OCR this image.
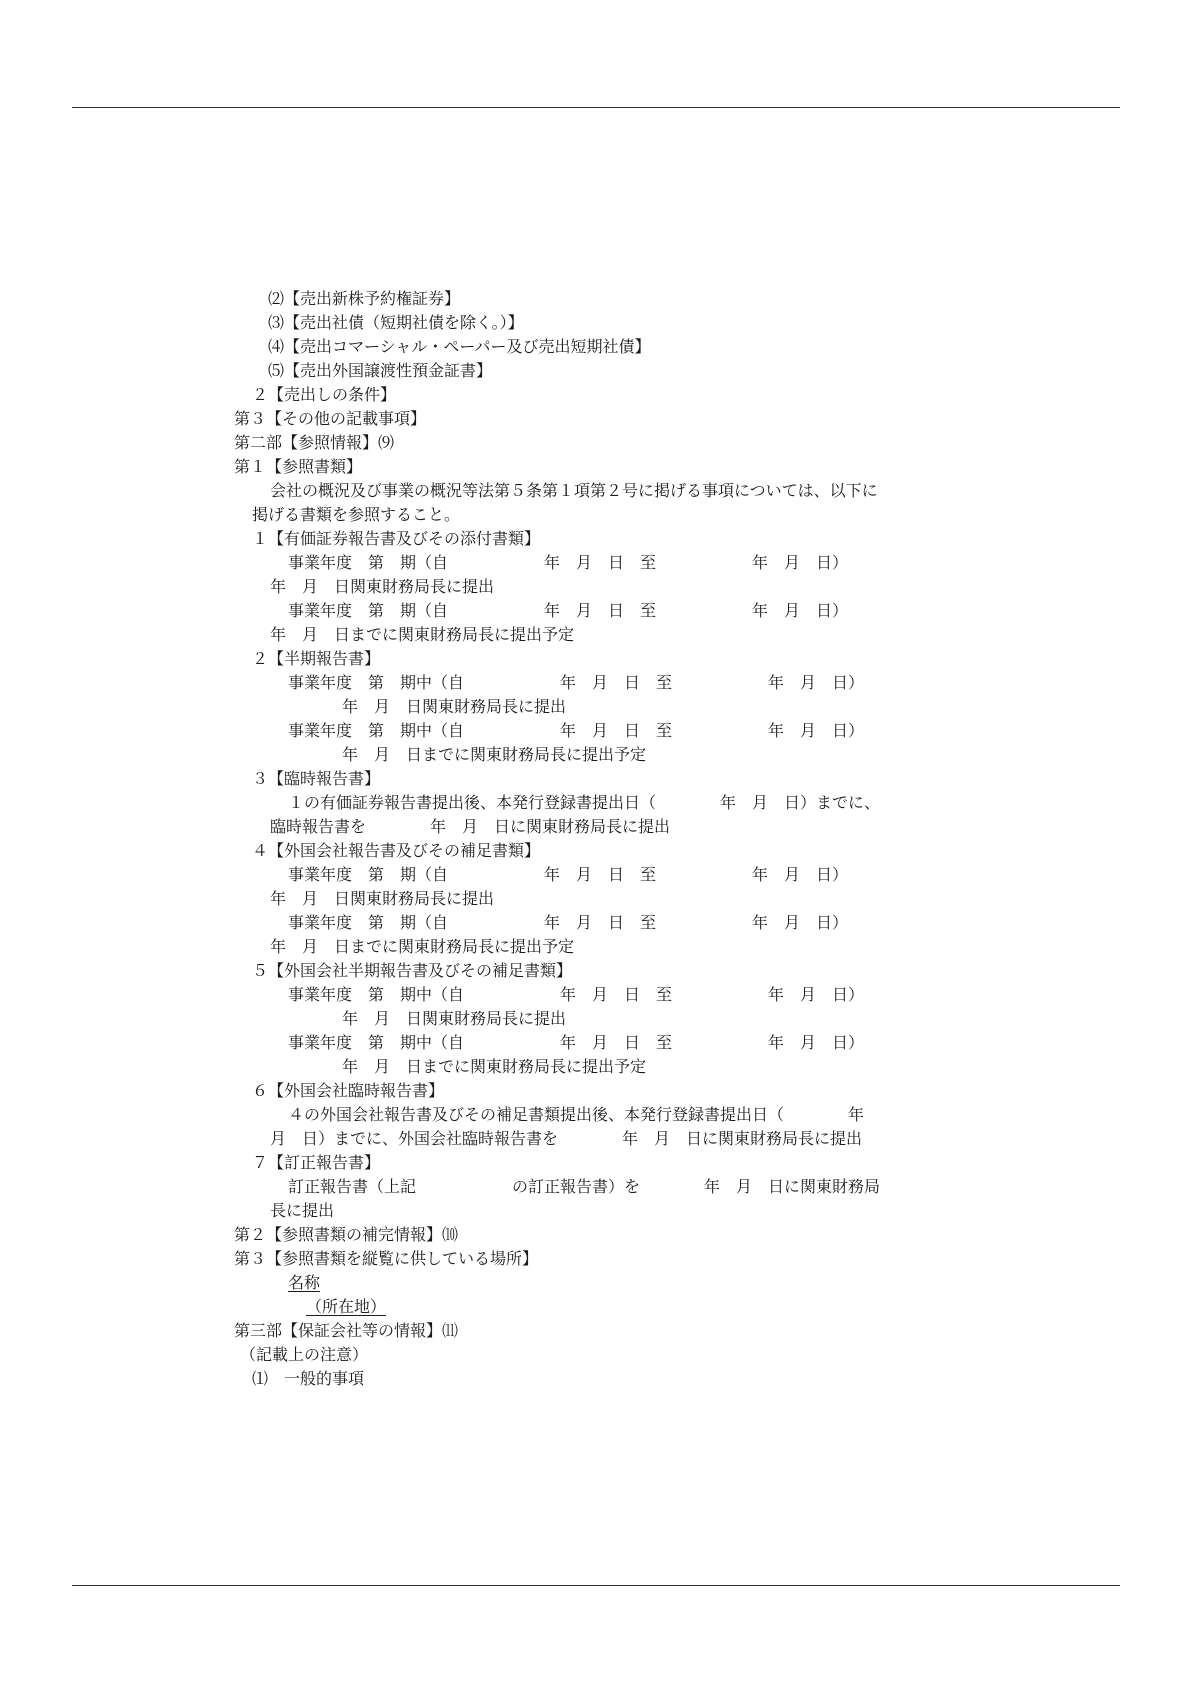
⑵【売出新株予約権証券】
⑶【売出社債（短期社債を除く。）】
⑷【売出コマーシャル・ペーパー及び売出短期社債】
⑸【売出外国譲渡性預金証書】
２【売出しの条件】
第３【その他の記載事項】
第二部【参照情報】⑼
第１【参照書類】
会社の概況及び事業の概況等法第５条第１項第２号に掲げる事項については、以下に
掲げる書類を参照すること。
１【有価証券報告書及びその添付書類】
事業年度　第　期（自　　　　　　年　月　日　至　　　　　　年　月　日）
年　月　日関東財務局長に提出
事業年度　第　期（自　　　　　　年　月　日　至　　　　　　年　月　日）
年　月　日までに関東財務局長に提出予定
２【半期報告書】
事業年度　第　期中（自　　　　　　年　月　日　至　　　　　　年　月　日）
年　月　日関東財務局長に提出
事業年度　第　期中（自　　　　　　年　月　日　至　　　　　　年　月　日）
年　月　日までに関東財務局長に提出予定
３【臨時報告書】
１の有価証券報告書提出後、本発行登録書提出日（　　　　年　月　日）までに、
臨時報告書を　　　　年　月　日に関東財務局長に提出
４【外国会社報告書及びその補足書類】
事業年度　第　期（自　　　　　　年　月　日　至　　　　　　年　月　日）
年　月　日関東財務局長に提出
事業年度　第　期（自　　　　　　年　月　日　至　　　　　　年　月　日）
年　月　日までに関東財務局長に提出予定
５【外国会社半期報告書及びその補足書類】
事業年度　第　期中（自　　　　　　年　月　日　至　　　　　　年　月　日）
年　月　日関東財務局長に提出
事業年度　第　期中（自　　　　　　年　月　日　至　　　　　　年　月　日）
年　月　日までに関東財務局長に提出予定
６【外国会社臨時報告書】
４の外国会社報告書及びその補足書類提出後、本発行登録書提出日（　　　　年
月　日）までに、外国会社臨時報告書を　　　　年　月　日に関東財務局長に提出
７【訂正報告書】
訂正報告書（上記　　　　　　の訂正報告書）を　　　　年　月　日に関東財務局
長に提出
第２【参照書類の補完情報】⑽
第３【参照書類を縦覧に供している場所】
名称
（所在地）
第三部【保証会社等の情報】⑾
（記載上の注意）
⑴　一般的事項
